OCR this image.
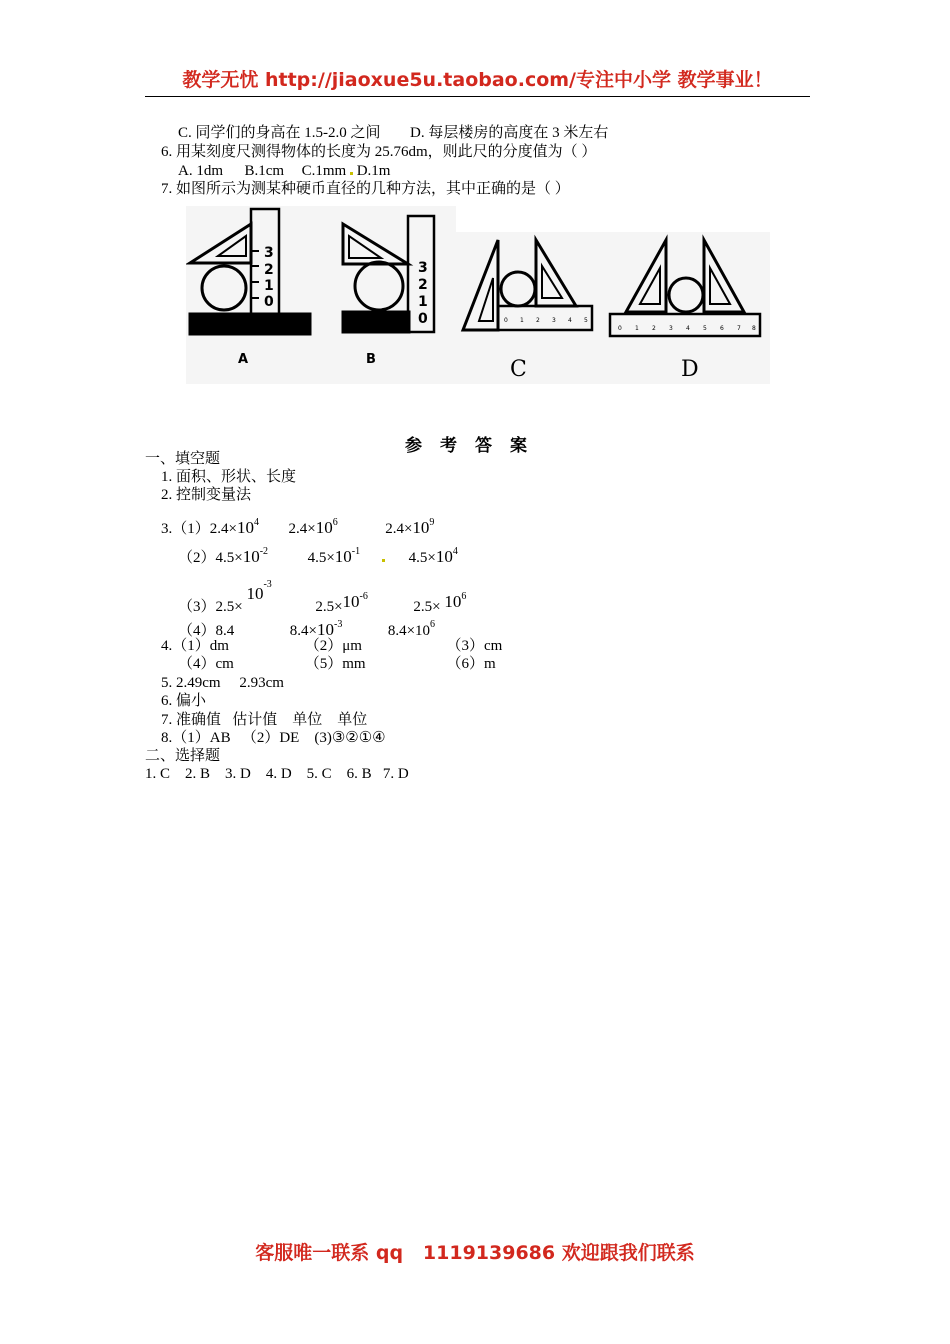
教学无忧 http://jiaoxue5u.taobao.com/专注中小学 教学事业！
C. 同学们的身高在 1.5-2.0 之间 D. 每层楼房的高度在 3 米左右
6. 用某刻度尺测得物体的长度为 25.76dm，则此尺的分度值为（ ）
A. 1dm B.1cm C.1mm D.1m
7. 如图所示为测某种硬币直径的几种方法，其中正确的是（ ）
3
2
1
0
3
2
1
0	0 1 2 3 4 5
0 1 2 3 4 5 6 7 8
A	B	C	D
参考答案
一、填空题
1. 面积、形状、长度
2. 控制变量法
3.（1）2.4×104 2.4×106	2.4×109
（2）4.5×10-2	4.5×10-1	4.5×104
（3）2.5× 10-3  2.5×10-6  2.5× 106
（4）8.4	8.4×10-3	8.4×106
4.（1）dm	（2）μm	（3）cm
（4）cm	（5）mm	（6）m
5. 2.49cm     2.93cm
6. 偏小
7. 准确值   估计值    单位    单位
8.（1）AB   （2）DE    (3)③②①④
二、选择题
1. C    2. B    3. D    4. D    5. C    6. B   7. D
客服唯一联系 qq   1119139686 欢迎跟我们联系
